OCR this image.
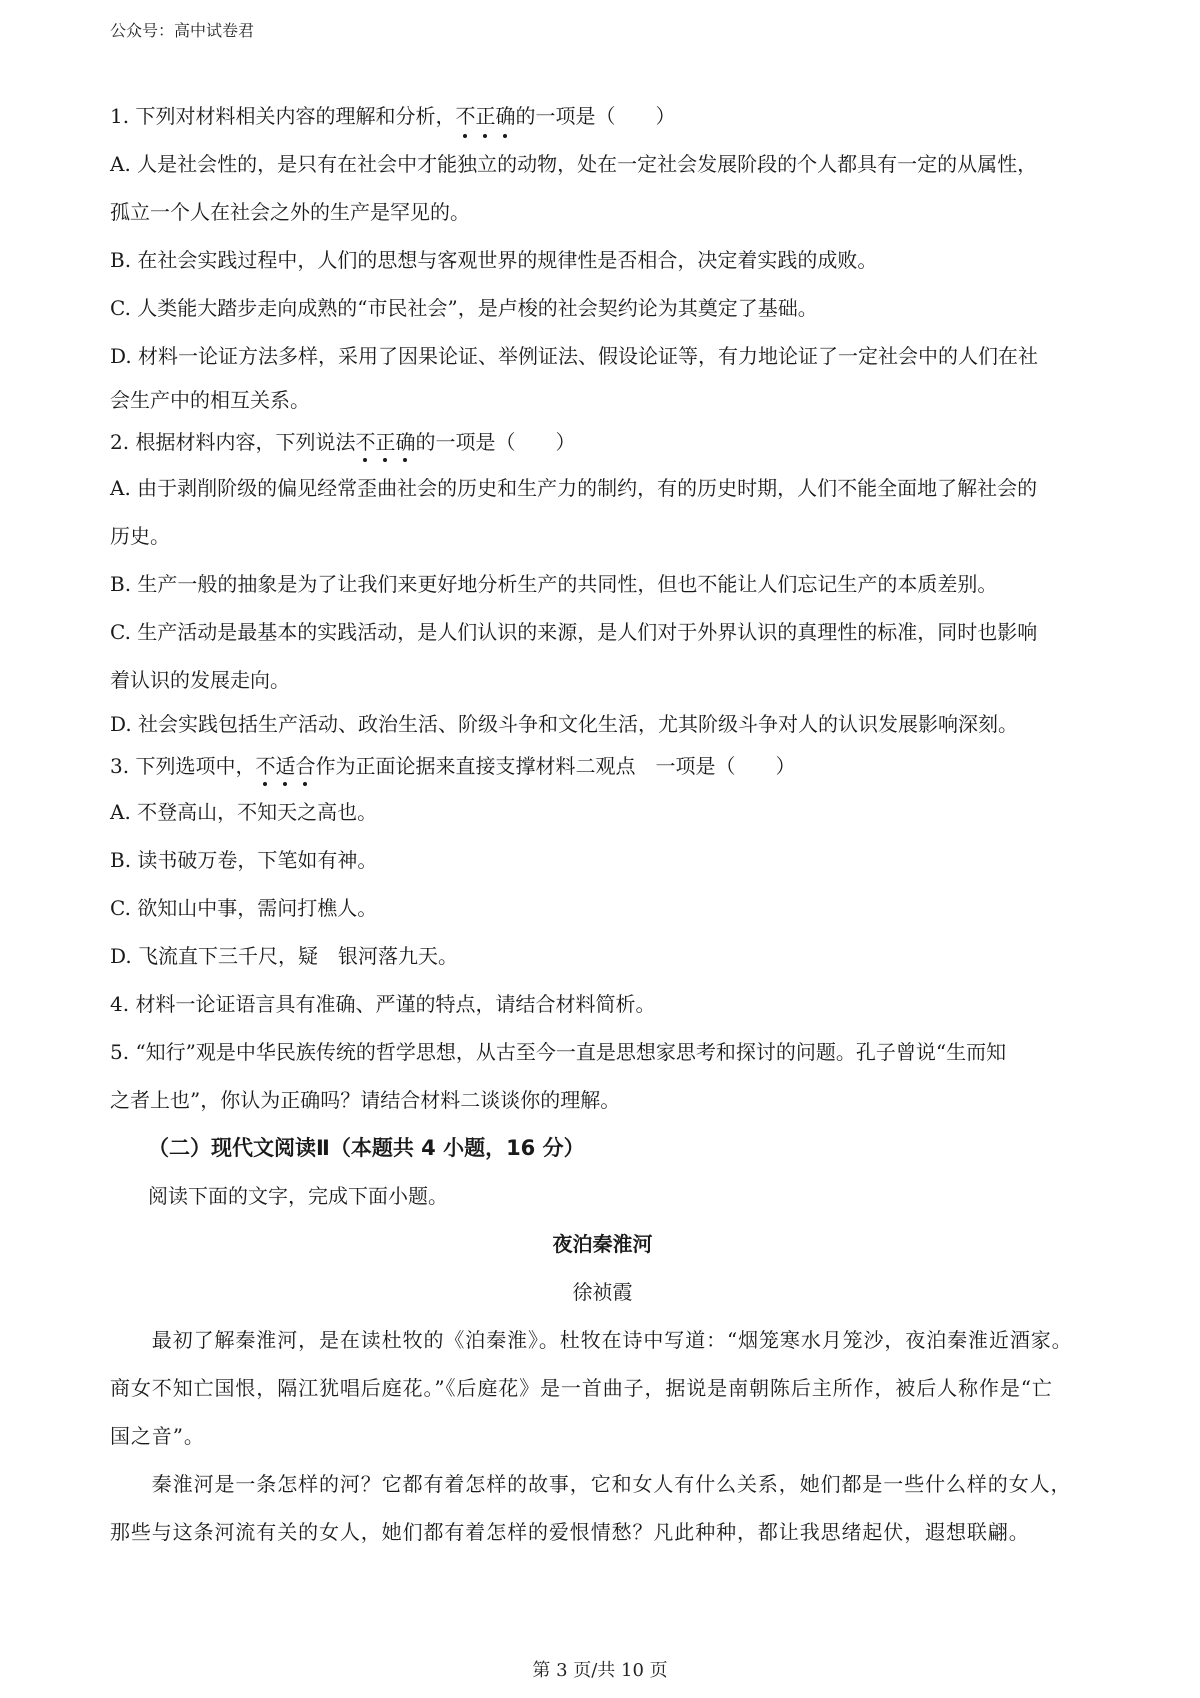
公众号：高中试卷君
1. 下列对材料相关内容的理解和分析，不正确的一项是（　　）
A. 人是社会性的，是只有在社会中才能独立的动物，处在一定社会发展阶段的个人都具有一定的从属性，
孤立一个人在社会之外的生产是罕见的。
B. 在社会实践过程中，人们的思想与客观世界的规律性是否相合，决定着实践的成败。
C. 人类能大踏步走向成熟的“市民社会”，是卢梭的社会契约论为其奠定了基础。
D. 材料一论证方法多样，采用了因果论证、举例证法、假设论证等，有力地论证了一定社会中的人们在社
会生产中的相互关系。
2. 根据材料内容，下列说法不正确的一项是（　　）
A. 由于剥削阶级的偏见经常歪曲社会的历史和生产力的制约，有的历史时期，人们不能全面地了解社会的
历史。
B. 生产一般的抽象是为了让我们来更好地分析生产的共同性，但也不能让人们忘记生产的本质差别。
C. 生产活动是最基本的实践活动，是人们认识的来源，是人们对于外界认识的真理性的标准，同时也影响
着认识的发展走向。
D. 社会实践包括生产活动、政治生活、阶级斗争和文化生活，尤其阶级斗争对人的认识发展影响深刻。
3. 下列选项中，不适合作为正面论据来直接支撑材料二观点　一项是（　　）
A. 不登高山，不知天之高也。
B. 读书破万卷，下笔如有神。
C. 欲知山中事，需问打樵人。
D. 飞流直下三千尺，疑　银河落九天。
4. 材料一论证语言具有准确、严谨的特点，请结合材料简析。
5. “知行”观是中华民族传统的哲学思想，从古至今一直是思想家思考和探讨的问题。孔子曾说“生而知
之者上也”，你认为正确吗？请结合材料二谈谈你的理解。
（二）现代文阅读Ⅱ（本题共 4 小题，16 分）
阅读下面的文字，完成下面小题。
夜泊秦淮河
徐祯霞
　　最初了解秦淮河，是在读杜牧的《泊秦淮》。杜牧在诗中写道：“烟笼寒水月笼沙，夜泊秦淮近酒家。
商女不知亡国恨，隔江犹唱后庭花。”《后庭花》是一首曲子，据说是南朝陈后主所作，被后人称作是“亡
国之音”。
　　秦淮河是一条怎样的河？它都有着怎样的故事，它和女人有什么关系，她们都是一些什么样的女人，
那些与这条河流有关的女人，她们都有着怎样的爱恨情愁？凡此种种，都让我思绪起伏，遐想联翩。
第 3 页/共 10 页
